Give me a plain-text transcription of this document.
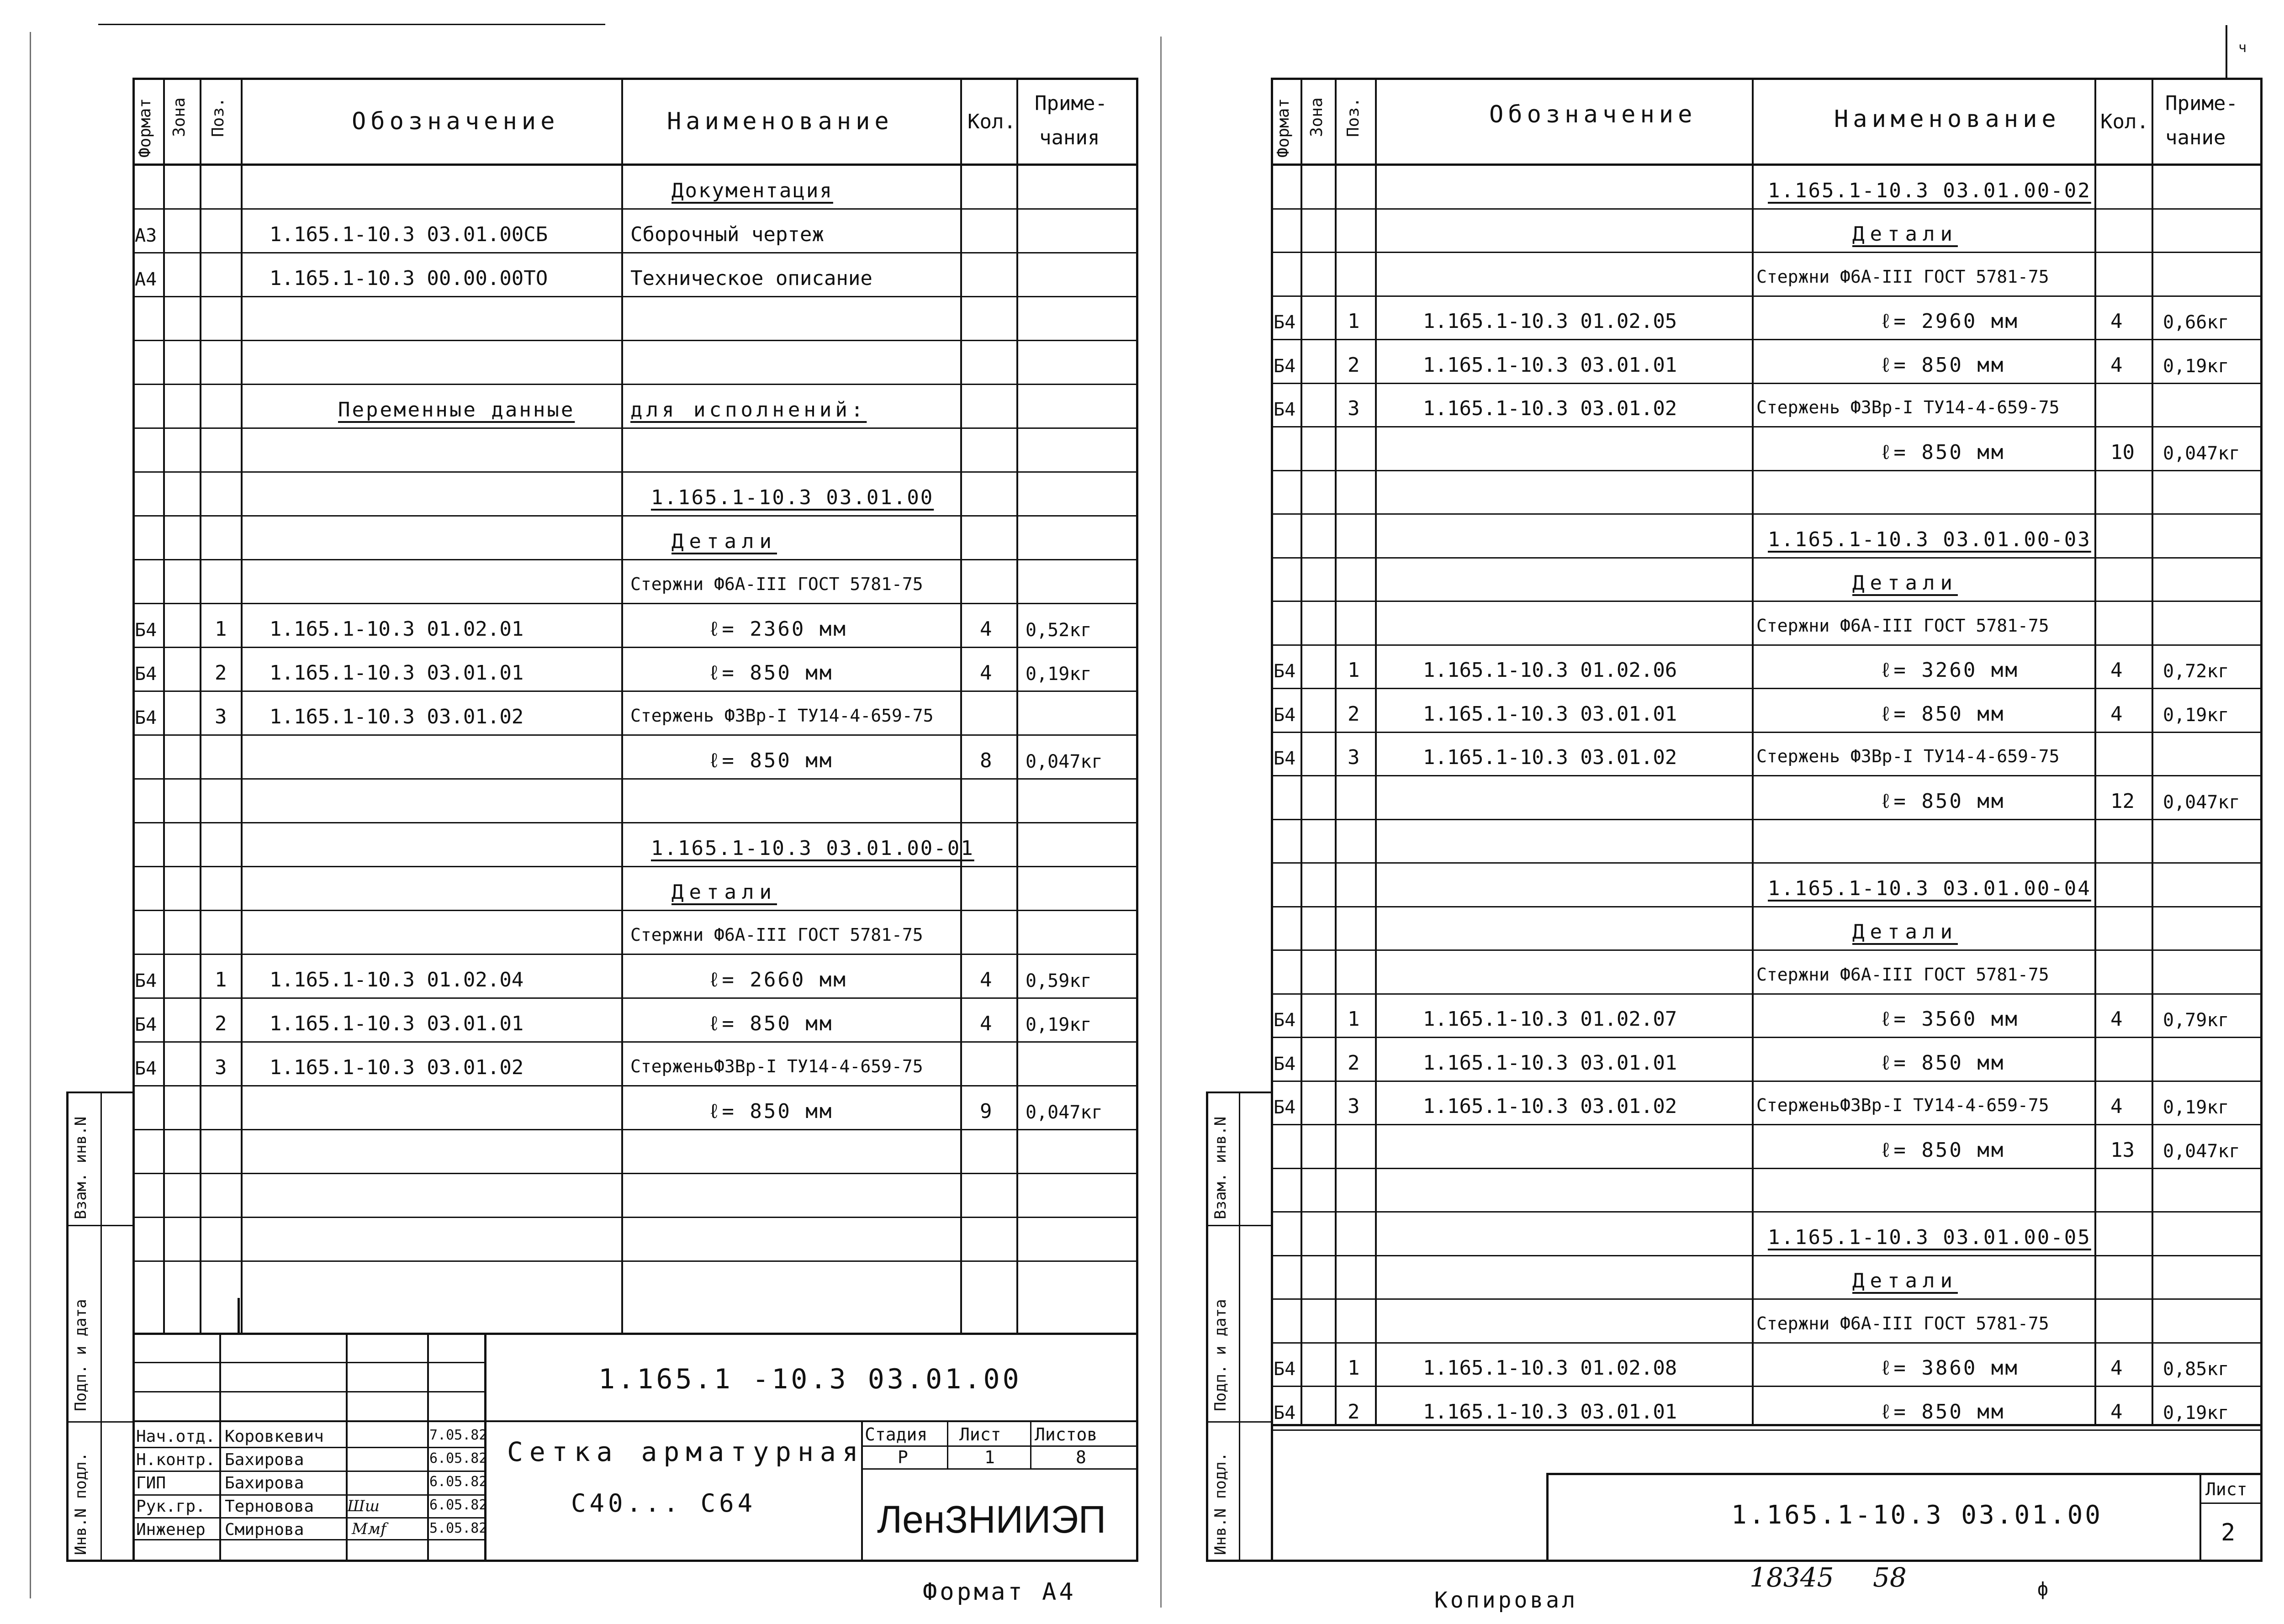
Формат Зона Поз.	Обозначение	Наименование	Кол.
Приме-
чания
Документация
А3	1.165.1-10.3 03.01.00СБ	Сборочный чертеж
А4	1.165.1-10.3 00.00.00ТО	Техническое описание
Переменные данные	для исполнений:
1.165.1-10.3 03.01.00
Детали
Стержни Ф6А-III ГОСТ 5781-75
Б4	1 1.165.1-10.3 01.02.01	ℓ= 2360 мм	4 0,52кг
Б4	2 1.165.1-10.3 03.01.01	ℓ= 850 мм	4 0,19кг
Б4	3 1.165.1-10.3 03.01.02	Стержень Ф3Вр-I ТУ14-4-659-75
ℓ= 850 мм	8 0,047кг
1.165.1-10.3 03.01.00-01
Детали
Стержни Ф6А-III ГОСТ 5781-75
Б4	1 1.165.1-10.3 01.02.04	ℓ= 2660 мм	4 0,59кг
Б4	2 1.165.1-10.3 03.01.01	ℓ= 850 мм	4 0,19кг
Б4	3 1.165.1-10.3 03.01.02	СтерженьФ3Вр-I ТУ14-4-659-75
ℓ= 850 мм	9 0,047кг
1.165.1 -10.3 03.01.00
Сетка арматурная
С40... С64
Стадия Лист Листов
Р	1	8
ЛенЗНИИЭП
Нач.отд. Коровкевич	7.05.82
Н.контр. Бахирова	6.05.82
ГИП	Бахирова	6.05.82
Рук.гр. Терновова	6.05.82
Инженер Смирнова	5.05.82
Шш
Mмf
Взам. инв.N
Подп. и дата
Инв.N подл.
Формат А4
ч
Формат Зона Поз.	Обозначение	Наименование Кол.
Приме-
чание
1.165.1-10.3 03.01.00-02
Детали
Стержни Ф6А-III ГОСТ 5781-75
Б4	1	1.165.1-10.3 01.02.05	ℓ= 2960 мм	4 0,66кг
Б4	2	1.165.1-10.3 03.01.01	ℓ= 850 мм	4 0,19кг
Б4	3	1.165.1-10.3 03.01.02	Стержень Ф3Вр-I ТУ14-4-659-75
ℓ= 850 мм	10 0,047кг
1.165.1-10.3 03.01.00-03
Детали
Стержни Ф6А-III ГОСТ 5781-75
Б4	1	1.165.1-10.3 01.02.06	ℓ= 3260 мм	4 0,72кг
Б4	2	1.165.1-10.3 03.01.01	ℓ= 850 мм	4 0,19кг
Б4	3	1.165.1-10.3 03.01.02	Стержень Ф3Вр-I ТУ14-4-659-75
ℓ= 850 мм	12 0,047кг
1.165.1-10.3 03.01.00-04
Детали
Стержни Ф6А-III ГОСТ 5781-75
Б4	1	1.165.1-10.3 01.02.07	ℓ= 3560 мм	4 0,79кг
Б4	2	1.165.1-10.3 03.01.01	ℓ= 850 мм
Б4	3	1.165.1-10.3 03.01.02	СтерженьФ3Вр-I ТУ14-4-659-75	4 0,19кг
ℓ= 850 мм	13 0,047кг
1.165.1-10.3 03.01.00-05
Детали
Стержни Ф6А-III ГОСТ 5781-75
Б4	1	1.165.1-10.3 01.02.08	ℓ= 3860 мм	4 0,85кг
Б4	2	1.165.1-10.3 03.01.01	ℓ= 850 мм	4 0,19кг
1.165.1-10.3 03.01.00
Лист
2
Взам. инв.N
Подп. и дата
Инв.N подл.
18345 58
Копировал	ф
